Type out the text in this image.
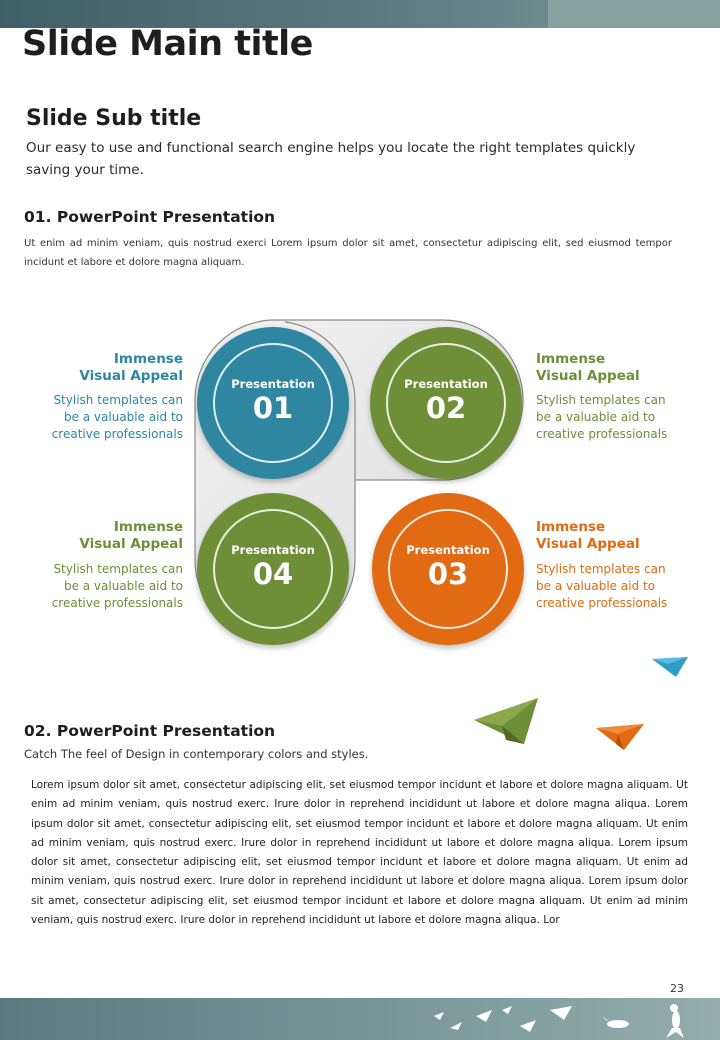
Slide Main title
Slide Sub title
Our easy to use and functional search engine helps you locate the right templates quickly saving your time.
01. PowerPoint Presentation
Ut enim ad minim veniam, quis nostrud exerci Lorem ipsum dolor sit amet, consectetur adipiscing elit, sed eiusmod tempor incidunt et labore et dolore magna aliquam.
Presentation
01
Presentation
02
Presentation
03
Presentation
04
Immense
Visual Appeal
Stylish templates can
be a valuable aid to
creative professionals
Immense
Visual Appeal
Stylish templates can
be a valuable aid to
creative professionals
Immense
Visual Appeal
Stylish templates can
be a valuable aid to
creative professionals
Immense
Visual Appeal
Stylish templates can
be a valuable aid to
creative professionals
02. PowerPoint Presentation
Catch The feel of Design in contemporary colors and styles.
Lorem ipsum dolor sit amet, consectetur adipiscing elit, set eiusmod tempor incidunt et labore et dolore magna aliquam. Ut enim ad minim veniam, quis nostrud exerc. Irure dolor in reprehend incididunt ut labore et dolore magna aliqua. Lorem ipsum dolor sit amet, consectetur adipiscing elit, set eiusmod tempor incidunt et labore et dolore magna aliquam. Ut enim ad minim veniam, quis nostrud exerc. Irure dolor in reprehend incididunt ut labore et dolore magna aliqua. Lorem ipsum dolor sit amet, consectetur adipiscing elit, set eiusmod tempor incidunt et labore et dolore magna aliquam. Ut enim ad minim veniam, quis nostrud exerc. Irure dolor in reprehend incididunt ut labore et dolore magna aliqua. Lorem ipsum dolor sit amet, consectetur adipiscing elit, set eiusmod tempor incidunt et labore et dolore magna aliquam. Ut enim ad minim veniam, quis nostrud exerc. Irure dolor in reprehend incididunt ut labore et dolore magna aliqua. Lor
23
